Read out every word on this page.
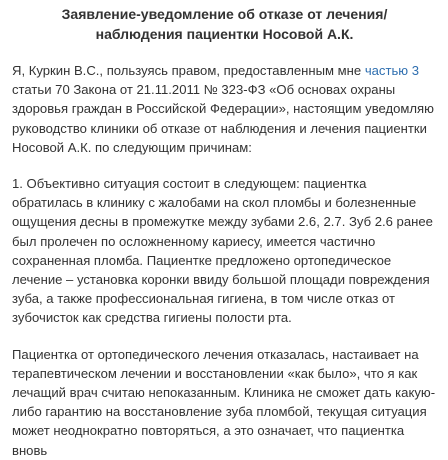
Заявление-уведомление об отказе от лечения/наблюдения пациентки Носовой А.К.

Я, Куркин В.С., пользуясь правом, предоставленным мне частью 3 статьи 70 Закона от 21.11.2011 № 323-ФЗ «Об основах охраны здоровья граждан в Российской Федерации», настоящим уведомляю руководство клиники об отказе от наблюдения и лечения пациентки Носовой А.К. по следующим причинам:

1. Объективно ситуация состоит в следующем: пациентка обратилась в клинику с жалобами на скол пломбы и болезненные ощущения десны в промежутке между зубами 2.6, 2.7. Зуб 2.6 ранее был пролечен по осложненному кариесу, имеется частично сохраненная пломба. Пациентке предложено ортопедическое лечение – установка коронки ввиду большой площади повреждения зуба, а также профессиональная гигиена, в том числе отказ от зубочисток как средства гигиены полости рта.

Пациентка от ортопедического лечения отказалась, настаивает на терапевтическом лечении и восстановлении «как было», что я как лечащий врач считаю непоказанным. Клиника не сможет дать какую-либо гарантию на восстановление зуба пломбой, текущая ситуация может неоднократно повторяться, а это означает, что пациентка вновь
